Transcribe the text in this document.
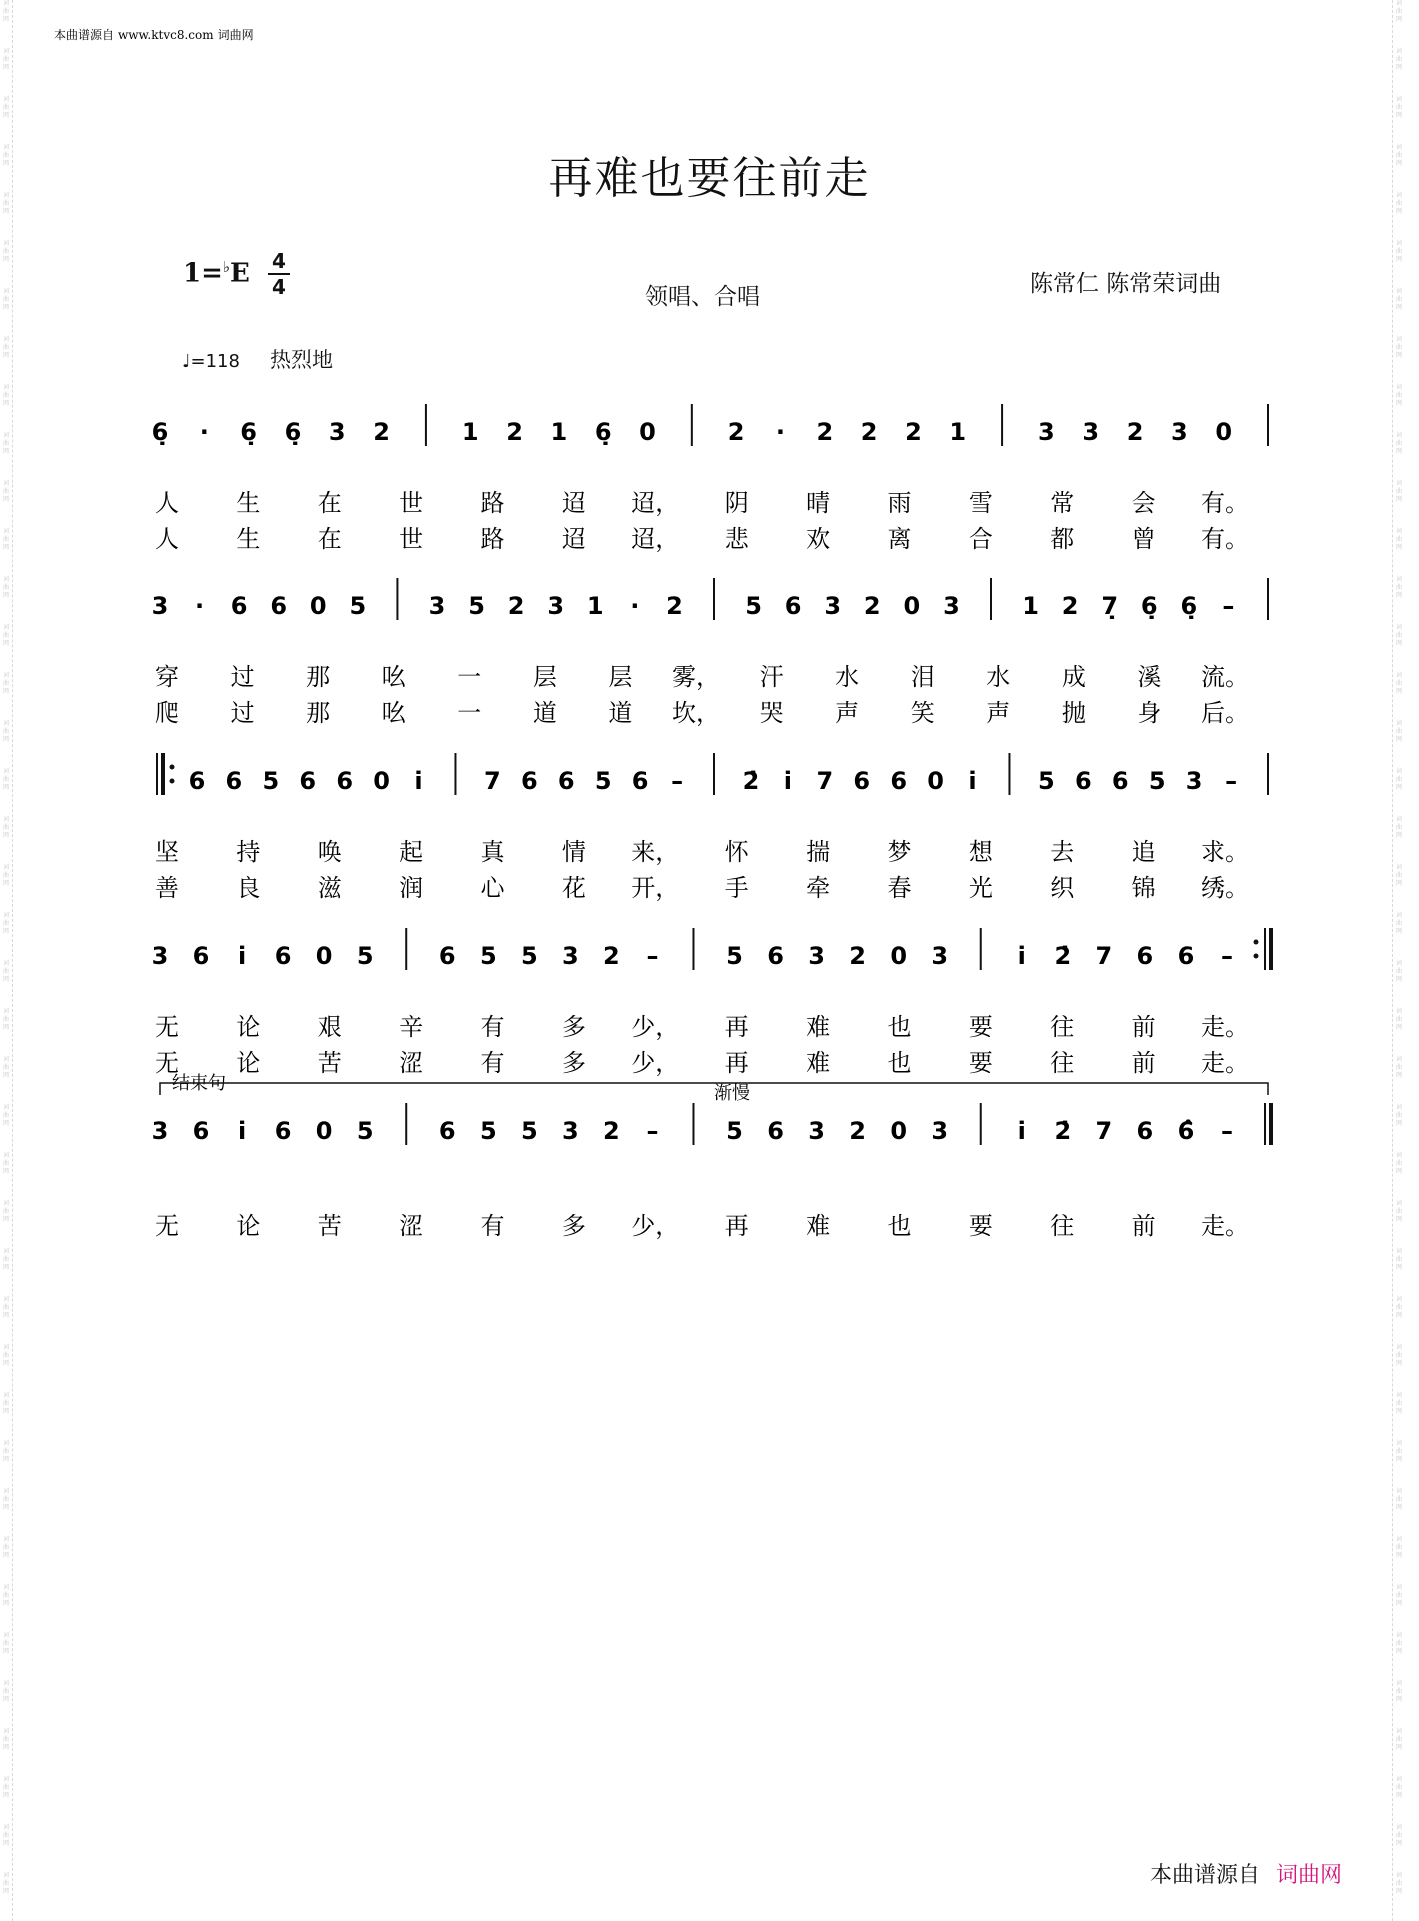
词
曲
网
词
曲
网
词
曲
网
词
曲
网
词
曲
网
词
曲
网
词
曲
网
词
曲
网
词
曲
网
词
曲
网
词
曲
网
词
曲
网
词
曲
网
词
曲
网
词
曲
网
词
曲
网
词
曲
网
词
曲
网
词
曲
网
词
曲
网
词
曲
网
词
曲
网
词
曲
网
词
曲
网
词
曲
网
词
曲
网
词
曲
网
词
曲
网
词
曲
网
词
曲
网
词
曲
网
词
曲
网
词
曲
网
词
曲
网
词
曲
网
词
曲
网
词
曲
网
词
曲
网
词
曲
网
词
曲
网
词
曲
网
词
曲
网
词
曲
网
词
曲
网
词
曲
网
词
曲
网
词
曲
网
词
曲
网
词
曲
网
词
曲
网
词
曲
网
词
曲
网
词
曲
网
词
曲
网
词
曲
网
词
曲
网
词
曲
网
词
曲
网
词
曲
网
词
曲
网
词
曲
网
词
曲
网
词
曲
网
词
曲
网
词
曲
网
词
曲
网
词
曲
网
词
曲
网
词
曲
网
词
曲
网
词
曲
网
词
曲
网
词
曲
网
词
曲
网
词
曲
网
词
曲
网
词
曲
网
词
曲
网
词
曲
网
词
曲
网
本曲谱源自 www.ktvc8.com 词曲网
再难也要往前走
1=♭E 4
4	领唱、合唱	陈常仁 陈常荣词曲
♩=118 热烈地
6̣ · 6̣ 6̣ 3 2	1 2 1 6̣ 0	2 · 2 2 2 1	3 3 2 3 0
人 生 在 世 路 迢 迢， 阴 晴 雨 雪 常 会 有。
人 生 在 世 路 迢 迢， 悲 欢 离 合 都 曾 有。
3 · 6 6 0 5	3 5 2 3 1 · 2	5 6 3 2 0 3	1 2 7̣ 6̣ 6̣ –
穿 过 那 吆 一 层 层 雾， 汗 水 泪 水 成 溪 流。
爬 过 那 吆 一 道 道 坎， 哭 声 笑 声 抛 身 后。
6 6 5 6 6 0 i̇	7 6 6 5 6 – 2̇ i̇ 7 6 6 0 i̇	5 6 6 5 3 –
坚 持 唤 起 真 情 来， 怀 揣 梦 想 去 追 求。
善 良 滋 润 心 花 开， 手 牵 春 光 织 锦 绣。
3 6 i̇ 6 0 5	6 5 5 3 2 –	5 6 3 2 0 3	i̇ 2̇ 7 6 6 –
无 论 艰 辛 有 多 少， 再 难 也 要 往 前 走。
无 论 苦 涩 有 多 少， 再 难 也 要 往 前 走。
3 6 i̇ 6 0 5	6 5 5 3 2 –	5 6 3 2 0 3	i̇ 2̇ 7 6 6̂ –
结束句	渐慢
无 论 苦 涩 有 多 少， 再 难 也 要 往 前 走。
本曲谱源自 词曲网
